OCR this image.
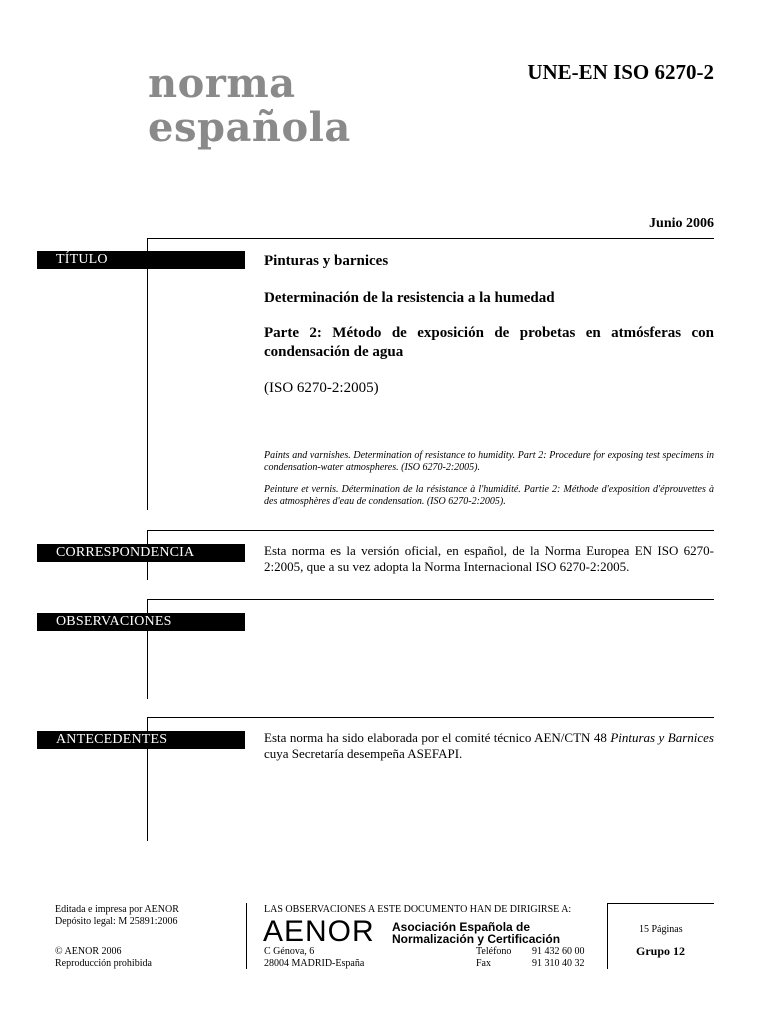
norma
española
UNE-EN ISO 6270-2
Junio 2006
TÍTULO	Pinturas y barnices
Determinación de la resistencia a la humedad
Parte 2: Método de exposición de probetas en atmósferas con condensación de agua
(ISO 6270-2:2005)
Paints and varnishes. Determination of resistance to humidity. Part 2: Procedure for exposing test specimens in condensation-water atmospheres. (ISO 6270-2:2005).
Peinture et vernis. Détermination de la résistance à l'humidité. Partie 2: Méthode d'exposition d'éprouvettes à des atmosphères d'eau de condensation. (ISO 6270-2:2005).
CORRESPONDENCIA	Esta norma es la versión oficial, en español, de la Norma Europea EN ISO 6270-2:2005, que a su vez adopta la Norma Internacional ISO 6270-2:2005.
OBSERVACIONES
ANTECEDENTES	Esta norma ha sido elaborada por el comité técnico AEN/CTN 48 Pinturas y Barnices cuya Secretaría desempeña ASEFAPI.
Editada e impresa por AENOR
Depósito legal: M 25891:2006
© AENOR 2006
Reproducción prohibida
LAS OBSERVACIONES A ESTE DOCUMENTO HAN DE DIRIGIRSE A:
AENOR Asociación Española de
Normalización y Certificación
C Génova, 6
28004 MADRID-España
Teléfono 91 432 60 00
Fax	91 310 40 32
15 Páginas
Grupo 12
